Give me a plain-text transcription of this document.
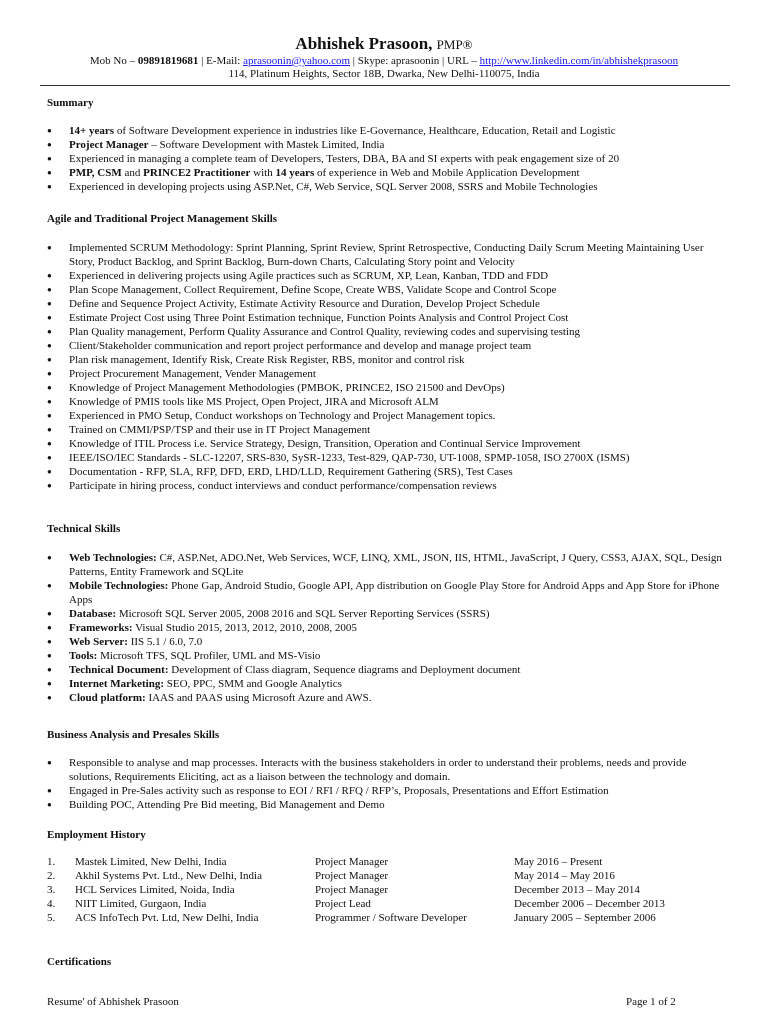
Abhishek Prasoon, PMP®
Mob No – 09891819681 | E-Mail: aprasoonin@yahoo.com | Skype: aprasoonin | URL – http://www.linkedin.com/in/abhishekprasoon
114, Platinum Heights, Sector 18B, Dwarka, New Delhi-110075, India
Summary
● 14+ years of Software Development experience in industries like E-Governance, Healthcare, Education, Retail and Logistic
● Project Manager – Software Development with Mastek Limited, India
● Experienced in managing a complete team of Developers, Testers, DBA, BA and SI experts with peak engagement size of 20
● PMP, CSM and PRINCE2 Practitioner with 14 years of experience in Web and Mobile Application Development
● Experienced in developing projects using ASP.Net, C#, Web Service, SQL Server 2008, SSRS and Mobile Technologies
Agile and Traditional Project Management Skills
● Implemented SCRUM Methodology: Sprint Planning, Sprint Review, Sprint Retrospective, Conducting Daily Scrum Meeting Maintaining User Story, Product Backlog, and Sprint Backlog, Burn-down Charts, Calculating Story point and Velocity
● Experienced in delivering projects using Agile practices such as SCRUM, XP, Lean, Kanban, TDD and FDD
● Plan Scope Management, Collect Requirement, Define Scope, Create WBS, Validate Scope and Control Scope
● Define and Sequence Project Activity, Estimate Activity Resource and Duration, Develop Project Schedule
● Estimate Project Cost using Three Point Estimation technique, Function Points Analysis and Control Project Cost
● Plan Quality management, Perform Quality Assurance and Control Quality, reviewing codes and supervising testing
● Client/Stakeholder communication and report project performance and develop and manage project team
● Plan risk management, Identify Risk, Create Risk Register, RBS, monitor and control risk
● Project Procurement Management, Vender Management
● Knowledge of Project Management Methodologies (PMBOK, PRINCE2, ISO 21500 and DevOps)
● Knowledge of PMIS tools like MS Project, Open Project, JIRA and Microsoft ALM
● Experienced in PMO Setup, Conduct workshops on Technology and Project Management topics.
● Trained on CMMI/PSP/TSP and their use in IT Project Management
● Knowledge of ITIL Process i.e. Service Strategy, Design, Transition, Operation and Continual Service Improvement
● IEEE/ISO/IEC Standards - SLC-12207, SRS-830, SySR-1233, Test-829, QAP-730, UT-1008, SPMP-1058, ISO 2700X (ISMS)
● Documentation - RFP, SLA, RFP, DFD, ERD, LHD/LLD, Requirement Gathering (SRS), Test Cases
● Participate in hiring process, conduct interviews and conduct performance/compensation reviews
Technical Skills
● Web Technologies: C#, ASP.Net, ADO.Net, Web Services, WCF, LINQ, XML, JSON, IIS, HTML, JavaScript, J Query, CSS3, AJAX, SQL, Design Patterns, Entity Framework and SQLite
● Mobile Technologies: Phone Gap, Android Studio, Google API, App distribution on Google Play Store for Android Apps and App Store for iPhone Apps
● Database: Microsoft SQL Server 2005, 2008 2016 and SQL Server Reporting Services (SSRS)
● Frameworks: Visual Studio 2015, 2013, 2012, 2010, 2008, 2005
● Web Server: IIS 5.1 / 6.0, 7.0
● Tools: Microsoft TFS, SQL Profiler, UML and MS-Visio
● Technical Document: Development of Class diagram, Sequence diagrams and Deployment document
● Internet Marketing: SEO, PPC, SMM and Google Analytics
● Cloud platform: IAAS and PAAS using Microsoft Azure and AWS.
Business Analysis and Presales Skills
● Responsible to analyse and map processes. Interacts with the business stakeholders in order to understand their problems, needs and provide solutions, Requirements Eliciting, act as a liaison between the technology and domain.
● Engaged in Pre-Sales activity such as response to EOI / RFI / RFQ / RFP’s, Proposals, Presentations and Effort Estimation
● Building POC, Attending Pre Bid meeting, Bid Management and Demo
Employment History
1. Mastek Limited, New Delhi, India	Project Manager	May 2016 – Present
2. Akhil Systems Pvt. Ltd., New Delhi, India	Project Manager	May 2014 – May 2016
3. HCL Services Limited, Noida, India	Project Manager	December 2013 – May 2014
4. NIIT Limited, Gurgaon, India	Project Lead	December 2006 – December 2013
5. ACS InfoTech Pvt. Ltd, New Delhi, India	Programmer / Software Developer	January 2005 – September 2006
Certifications
Resume' of Abhishek Prasoon	Page 1 of 2
